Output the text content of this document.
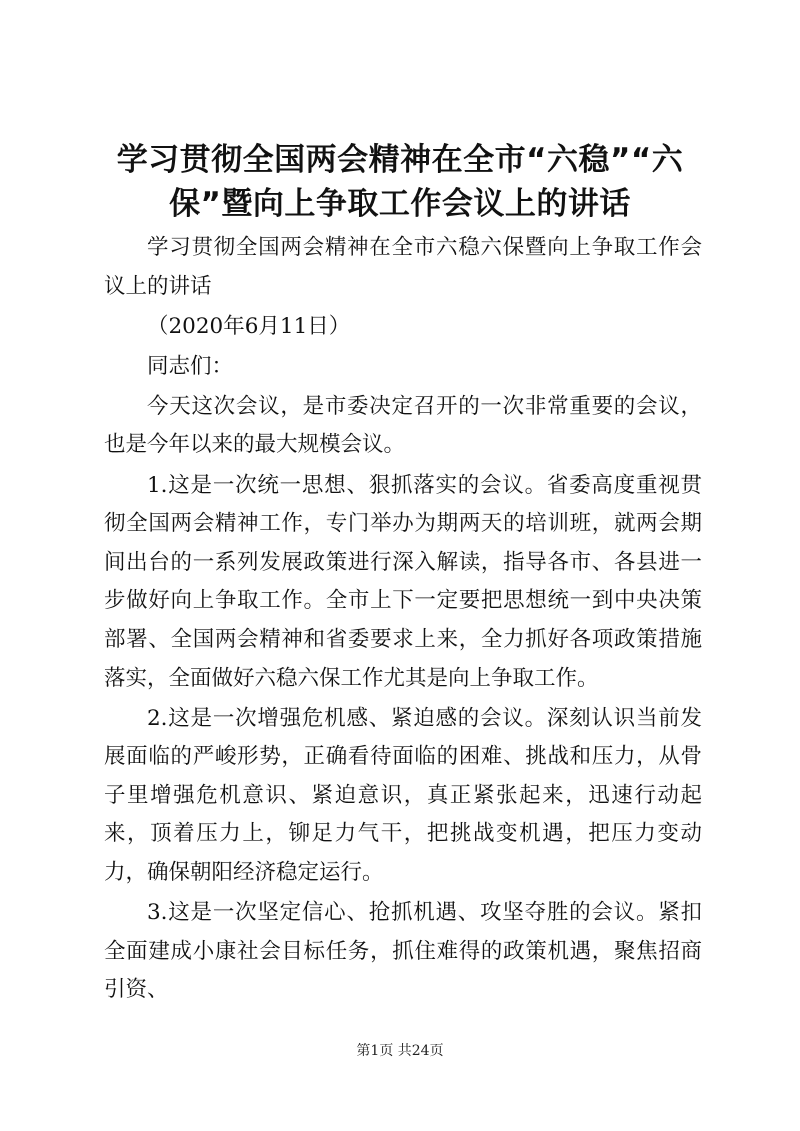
学习贯彻全国两会精神在全市“六稳”“六
保”暨向上争取工作会议上的讲话

学习贯彻全国两会精神在全市六稳六保暨向上争取工作会议上的讲话

（2020年6月11日）

同志们：

今天这次会议，是市委决定召开的一次非常重要的会议，也是今年以来的最大规模会议。

1.这是一次统一思想、狠抓落实的会议。省委高度重视贯彻全国两会精神工作，专门举办为期两天的培训班，就两会期间出台的一系列发展政策进行深入解读，指导各市、各县进一步做好向上争取工作。全市上下一定要把思想统一到中央决策部署、全国两会精神和省委要求上来，全力抓好各项政策措施落实，全面做好六稳六保工作尤其是向上争取工作。

2.这是一次增强危机感、紧迫感的会议。深刻认识当前发展面临的严峻形势，正确看待面临的困难、挑战和压力，从骨子里增强危机意识、紧迫意识，真正紧张起来，迅速行动起来，顶着压力上，铆足力气干，把挑战变机遇，把压力变动力，确保朝阳经济稳定运行。

3.这是一次坚定信心、抢抓机遇、攻坚夺胜的会议。紧扣全面建成小康社会目标任务，抓住难得的政策机遇，聚焦招商引资、

第1页 共24页
